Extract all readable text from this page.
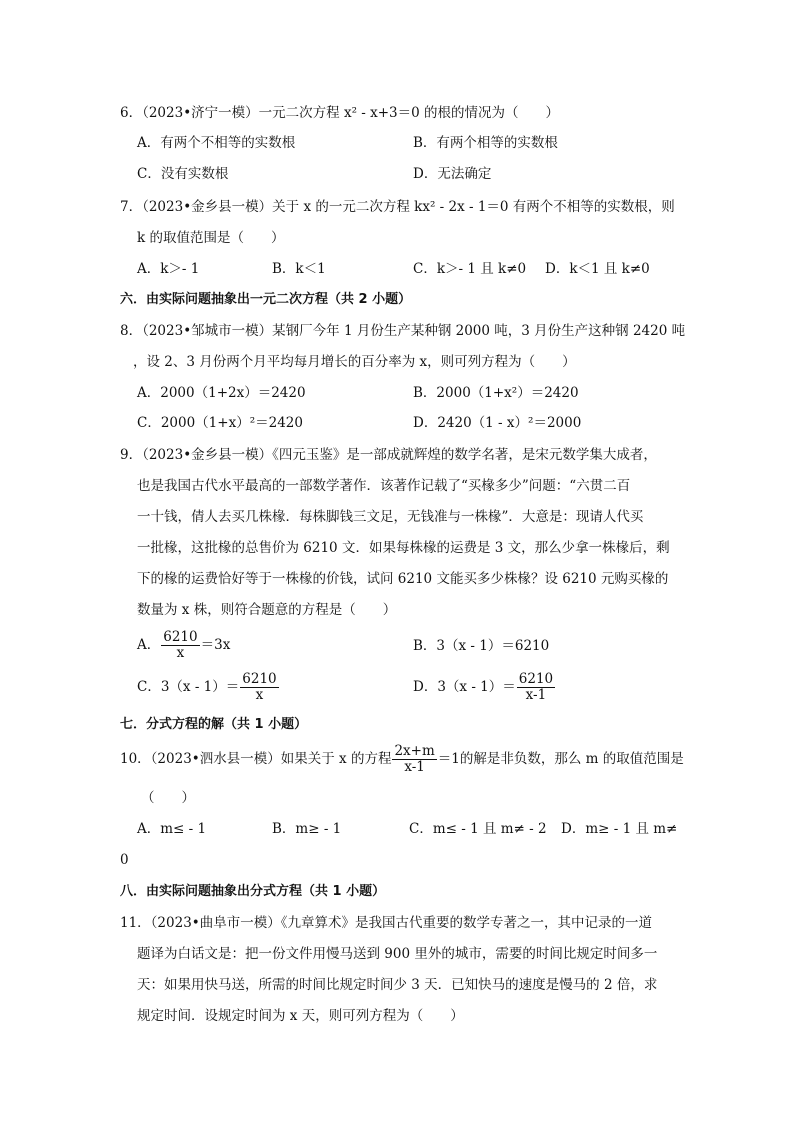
6．（2023•济宁一模）一元二次方程 x² - x+3＝0 的根的情况为（　　）
A．有两个不相等的实数根	B．有两个相等的实数根
C．没有实数根	D．无法确定
7．（2023•金乡县一模）关于 x 的一元二次方程 kx² - 2x - 1＝0 有两个不相等的实数根，则
k 的取值范围是（　　）
A．k＞- 1	B．k＜1	C．k＞- 1 且 k≠0 D．k＜1 且 k≠0
六．由实际问题抽象出一元二次方程（共 2 小题）
8．（2023•邹城市一模）某钢厂今年 1 月份生产某种钢 2000 吨，3 月份生产这种钢 2420 吨
，设 2、3 月份两个月平均每月增长的百分率为 x，则可列方程为（　　）
A．2000（1+2x）＝2420	B．2000（1+x²）＝2420
C．2000（1+x）²＝2420	D．2420（1 - x）²＝2000
9．（2023•金乡县一模）《四元玉鉴》是一部成就辉煌的数学名著，是宋元数学集大成者，
也是我国古代水平最高的一部数学著作．该著作记载了“买椽多少”问题：“六贯二百
一十钱，倩人去买几株椽．每株脚钱三文足，无钱准与一株椽”．大意是：现请人代买
一批椽，这批椽的总售价为 6210 文．如果每株椽的运费是 3 文，那么少拿一株椽后，剩
下的椽的运费恰好等于一株椽的价钱，试问 6210 文能买多少株椽？设 6210 元购买椽的
数量为 x 株，则符合题意的方程是（　　）
A． $\frac{6210}{x} =3x$	B．3（x - 1）＝6210
C．$3(x - 1)= \frac{6210}{x}$	D．$3(x - 1)= \frac{6210}{x-1}$
七．分式方程的解（共 1 小题）
10．（2023•泗水县一模）如果关于 x 的方程 $\frac{2x+m}{x-1} =1$的解是非负数，那么 m 的取值范围是
（　　）
A．m≤ - 1	B．m≥ - 1	C．m≤ - 1 且 m≠ - 2 D．m≥ - 1 且 m≠
0
八．由实际问题抽象出分式方程（共 1 小题）
11．（2023•曲阜市一模）《九章算术》是我国古代重要的数学专著之一，其中记录的一道
题译为白话文是：把一份文件用慢马送到 900 里外的城市，需要的时间比规定时间多一
天：如果用快马送，所需的时间比规定时间少 3 天．已知快马的速度是慢马的 2 倍，求
规定时间．设规定时间为 x 天，则可列方程为（　　）
